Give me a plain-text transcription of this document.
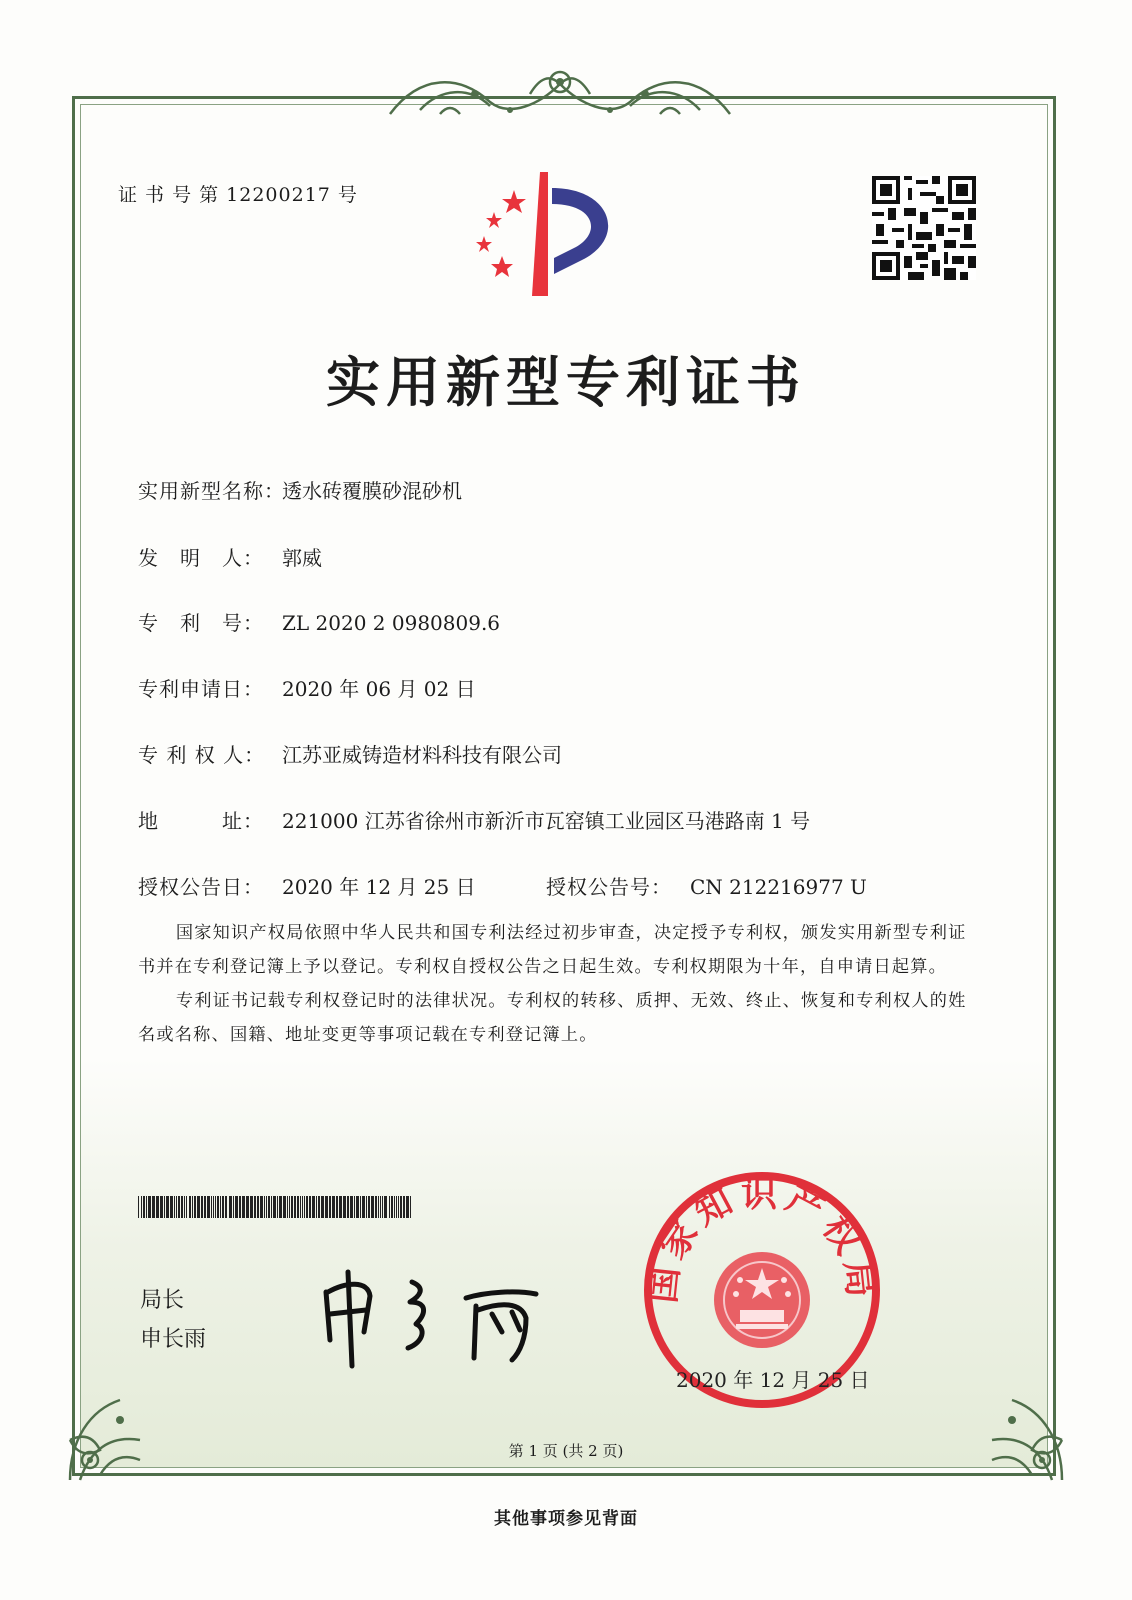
证 书 号 第 12200217 号
实用新型专利证书
实用新型名称：透水砖覆膜砂混砂机
发　明　人： 郭威
专　利　号： ZL 2020 2 0980809.6
专利申请日： 2020 年 06 月 02 日
专 利 权 人： 江苏亚威铸造材料科技有限公司
地　　　址： 221000 江苏省徐州市新沂市瓦窑镇工业园区马港路南 1 号
授权公告日： 2020 年 12 月 25 日	授权公告号： CN 212216977 U

国家知识产权局依照中华人民共和国专利法经过初步审查，决定授予专利权，颁发实用新型专利证书并在专利登记簿上予以登记。专利权自授权公告之日起生效。专利权期限为十年，自申请日起算。

专利证书记载专利权登记时的法律状况。专利权的转移、质押、无效、终止、恢复和专利权人的姓名或名称、国籍、地址变更等事项记载在专利登记簿上。

局长
申长雨
国家知识产权局
2020 年 12 月 25 日
第 1 页 (共 2 页)
其他事项参见背面
